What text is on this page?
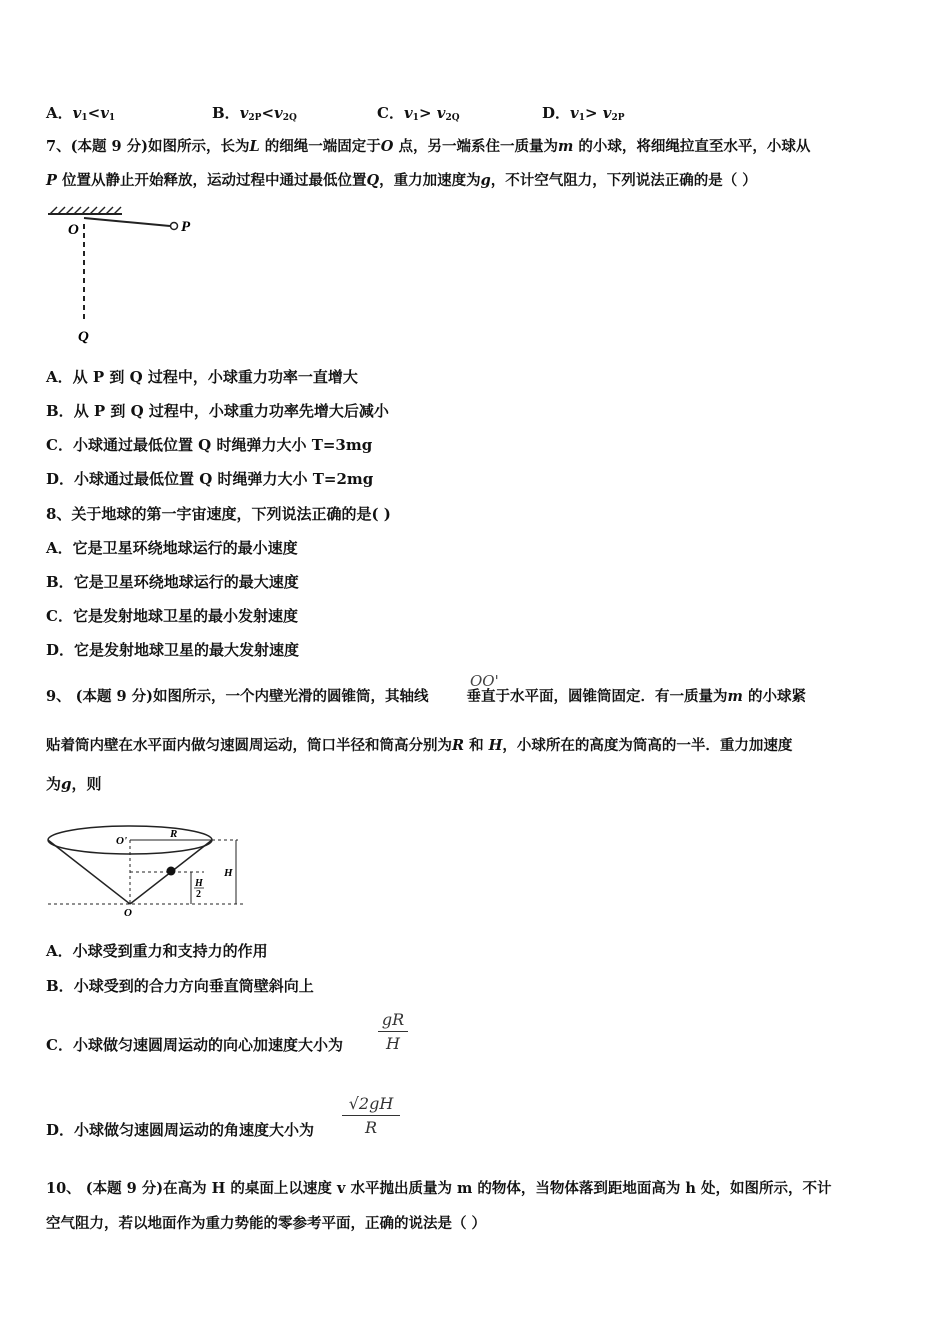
A．$v_1<v_1$	B．$v_{2P}<v_{2Q}$	C．$v_1> v_{2Q}$	D．$v_1> v_{2P}$
7、(本题 9 分)如图所示，长为L 的细绳一端固定于O 点，另一端系住一质量为m 的小球，将细绳拉直至水平，小球从
P 位置从静止开始释放，运动过程中通过最低位置Q，重力加速度为g，不计空气阻力，下列说法正确的是（ ）
O	P
Q
A．从 P 到 Q 过程中，小球重力功率一直增大
B．从 P 到 Q 过程中，小球重力功率先增大后减小
C．小球通过最低位置 Q 时绳弹力大小 T=3mg
D．小球通过最低位置 Q 时绳弹力大小 T=2mg
8、关于地球的第一宇宙速度，下列说法正确的是( )
A．它是卫星环绕地球运行的最小速度
B．它是卫星环绕地球运行的最大速度
C．它是发射地球卫星的最小发射速度
D．它是发射地球卫星的最大发射速度
9、 (本题 9 分)如图所示，一个内壁光滑的圆锥筒，其轴线	垂直于水平面，圆锥筒固定．有一质量为m 的小球紧
OO'
贴着筒内壁在水平面内做匀速圆周运动，筒口半径和筒高分别为R 和 H，小球所在的高度为筒高的一半．重力加速度
为g，则
O'
R
H
H
2
O
A．小球受到重力和支持力的作用
B．小球受到的合力方向垂直筒壁斜向上
C．小球做匀速圆周运动的向心加速度大小为
gR
H
D．小球做匀速圆周运动的角速度大小为
√2gH
R
10、 (本题 9 分)在高为 H 的桌面上以速度 v 水平抛出质量为 m 的物体，当物体落到距地面高为 h 处，如图所示，不计
空气阻力，若以地面作为重力势能的零参考平面，正确的说法是（ ）
